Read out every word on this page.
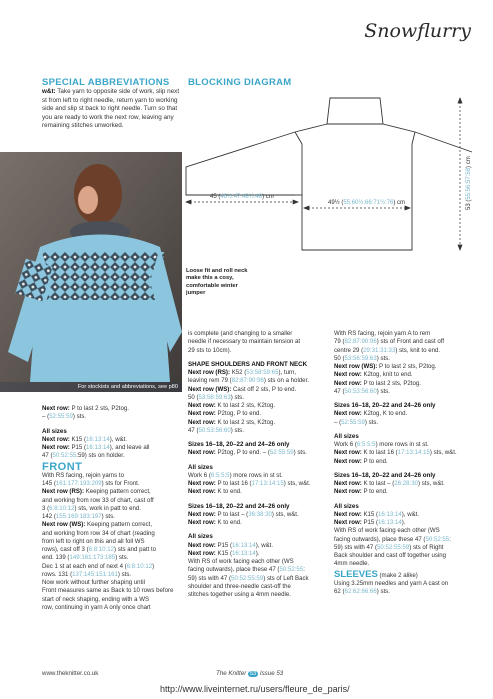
Snowflurry
SPECIAL ABBREVIATIONS
w&t: Take yarn to opposite side of work, slip next st from left to right needle, return yarn to working side and slip st back to right needle. Turn so that you are ready to work the next row, leaving any remaining stitches unworked.
BLOCKING DIAGRAM
45 (46½:47:48½:48) cm
49½ (55:60½:66:71½:76) cm	53 (55:56:57:58) cm
For stockists and abbreviations, see p80
Loose fit and roll neck make this a cosy, comfortable winter jumper

Next row: P to last 2 sts, P2tog.

– (52:55:59) sts.

All sizes

Next row: K15 (16:13:14), w&t.

Next row: P15 (16:13:14), and leave all

47 (50:52:55:59) sts on holder.

FRONT

With RS facing, rejoin yarns to

145 (161:177:193:209) sts for Front.

Next row (RS): Keeping pattern correct,

and working from row 33 of chart, cast off

3 (6:8:10:12) sts, work in patt to end.

142 (155:169:183:197) sts.

Next row (WS): Keeping pattern correct,

and working from row 34 of chart (reading

from left to right on this and all foll WS

rows), cast off 3 (6:8:10:12) sts and patt to

end. 139 (149:161:173:185) sts.

Dec 1 st at each end of next 4 (6:8:10:12)

rows. 131 (137:145:151:161) sts.

Now work without further shaping until

Front measures same as Back to 10 rows before

start of neck shaping, ending with a WS

row, continuing in yarn A only once chart

is complete (and changing to a smaller

needle if necessary to maintain tension at

29 sts to 10cm).

SHAPE SHOULDERS AND FRONT NECK

Next row (RS): K52 (53:58:59:65), turn,

leaving rem 79 (82:87:90:96) sts on a holder.

Next row (WS): Cast off 2 sts, P to end.

50 (53:56:59:63) sts.

Next row: K to last 2 sts, K2tog.

Next row: P2tog, P to end.

Next row: K to last 2 sts, K2tog.

47 (50:53:56:60) sts.

Sizes 16–18, 20–22 and 24–26 only

Next row: P2tog, P to end. – (52:55:59) sts.

All sizes

Work 6 (6:5:5:5) more rows in st st.

Next row: P to last 16 (17:13:14:15) sts, w&t.

Next row: K to end.

Sizes 16–18, 20–22 and 24–26 only

Next row: P to last – (36:38:30) sts, w&t.

Next row: K to end.

All sizes

Next row: P15 (16:13:14), w&t.

Next row: K15 (16:13:14).

With RS of work facing each other (WS

facing outwards), place these 47 (50:52:55:

59) sts with 47 (50:52:55:59) sts of Left Back

shoulder and three-needle cast-off the

stitches together using a 4mm needle.

With RS facing, rejoin yarn A to rem

79 (82:87:90:96) sts of Front and cast off

centre 29 (29:31:31:33) sts, knit to end.

50 (53:56:59:63) sts.

Next row (WS): P to last 2 sts, P2tog.

Next row: K2tog, knit to end.

Next row: P to last 2 sts, P2tog.

47 (50:53:56:60) sts.

Sizes 16–18, 20–22 and 24–26 only

Next row: K2tog, K to end.

– (52:55:59) sts.

All sizes

Work 6 (6:5:5:5) more rows in st st.

Next row: K to last 16 (17:13:14:15) sts, w&t.

Next row: P to end.

Sizes 16–18, 20–22 and 24–26 only

Next row: K to last – (26:28:30) sts, w&t.

Next row: P to end.

All sizes

Next row: K15 (16:13:14), w&t.

Next row: P15 (16:13:14).

With RS of work facing each other (WS

facing outwards), place these 47 (50:52:55:

59) sts with 47 (50:52:55:59) sts of Right

Back shoulder and cast off together using

4mm needle.

SLEEVES (make 2 alike)

Using 3.25mm needles and yarn A cast on

62 (62:62:66:66) sts.

www.theknitter.co.uk	The Knitter 53 Issue 53
http://www.liveinternet.ru/users/fleure_de_paris/
